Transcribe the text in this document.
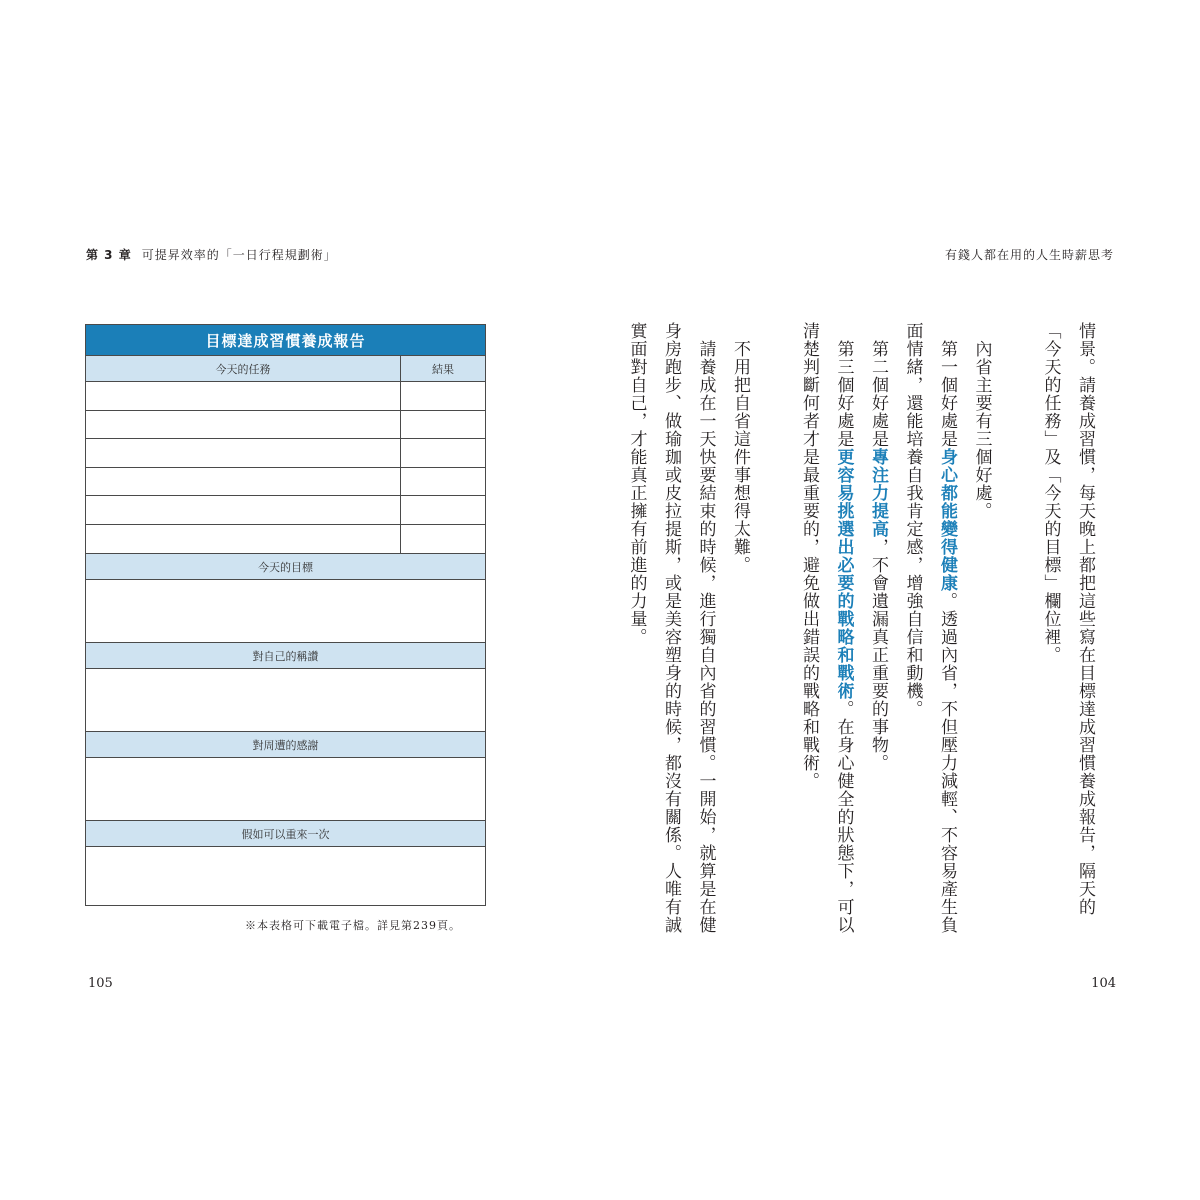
第 3 章 可提昇效率的「一日行程規劃術」	有錢人都在用的人生時薪思考
目標達成習慣養成報告
今天的任務	結果
今天的目標
對自己的稱讚
對周遭的感謝
假如可以重來一次
※本表格可下載電子檔。詳見第239頁。

情景。請養成習慣，每天晚上都把這些寫在目標達成習慣養成報告，隔天的「今天的任務」及「今天的目標」欄位裡。

　內省主要有三個好處。

　第一個好處是身心都能變得健康。透過內省，不但壓力減輕、不容易產生負面情緒，還能培養自我肯定感，增強自信和動機。

　第二個好處是專注力提高，不會遺漏真正重要的事物。

　第三個好處是更容易挑選出必要的戰略和戰術。在身心健全的狀態下，可以清楚判斷何者才是最重要的，避免做出錯誤的戰略和戰術。

　不用把自省這件事想得太難。

　請養成在一天快要結束的時候，進行獨自內省的習慣。一開始，就算是在健身房跑步、做瑜珈或皮拉提斯，或是美容塑身的時候，都沒有關係。人唯有誠實面對自己，才能真正擁有前進的力量。

105	104
